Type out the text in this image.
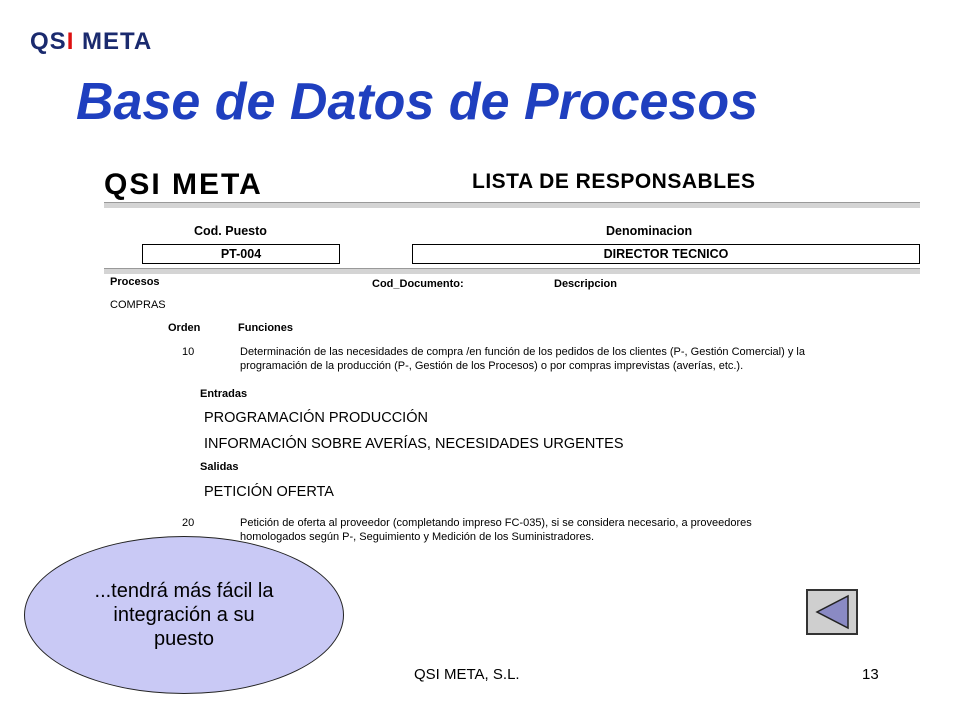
QSI META
Base de Datos de Procesos
QSI META	LISTA DE RESPONSABLES
Cod. Puesto	Denominacion
PT-004	DIRECTOR TECNICO
Procesos	Cod_Documento:	Descripcion
COMPRAS
Orden	Funciones
10	Determinación de las necesidades de compra /en función de los pedidos de los clientes (P-, Gestión Comercial) y la
programación de la producción (P-, Gestión de los Procesos) o por compras imprevistas (averías, etc.).
Entradas
PROGRAMACIÓN PRODUCCIÓN
INFORMACIÓN SOBRE AVERÍAS, NECESIDADES URGENTES
Salidas
PETICIÓN OFERTA
20	Petición de oferta al proveedor (completando impreso FC-035), si se considera necesario, a proveedores
homologados según P-, Seguimiento y Medición de los Suministradores.
...tendrá más fácil la integración a su puesto
QSI META, S.L.	13
